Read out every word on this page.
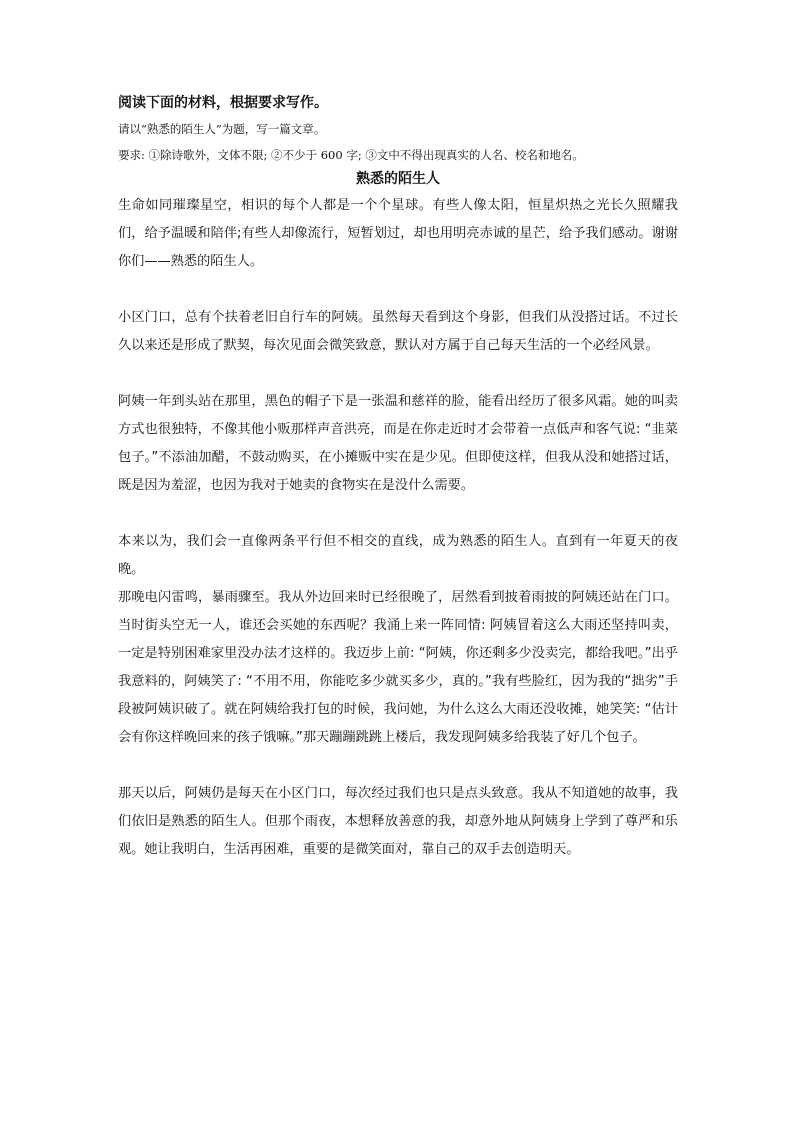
阅读下面的材料，根据要求写作。

请以“熟悉的陌生人”为题，写一篇文章。

要求: ①除诗歌外，文体不限; ②不少于 600 字; ③文中不得出现真实的人名、校名和地名。

熟悉的陌生人

生命如同璀璨星空，相识的每个人都是一个个星球。有些人像太阳，恒星炽热之光长久照耀我们，给予温暖和陪伴;有些人却像流行，短暂划过，却也用明亮赤诚的星芒，给予我们感动。谢谢你们——熟悉的陌生人。

小区门口，总有个扶着老旧自行车的阿姨。虽然每天看到这个身影，但我们从没搭过话。不过长久以来还是形成了默契，每次见面会微笑致意，默认对方属于自己每天生活的一个必经风景。

阿姨一年到头站在那里，黑色的帽子下是一张温和慈祥的脸，能看出经历了很多风霜。她的叫卖方式也很独特，不像其他小贩那样声音洪亮，而是在你走近时才会带着一点低声和客气说: “韭菜包子。”不添油加醋，不鼓动购买，在小摊贩中实在是少见。但即使这样，但我从没和她搭过话，既是因为羞涩，也因为我对于她卖的食物实在是没什么需要。

本来以为，我们会一直像两条平行但不相交的直线，成为熟悉的陌生人。直到有一年夏天的夜晚。

那晚电闪雷鸣，暴雨骤至。我从外边回来时已经很晚了，居然看到披着雨披的阿姨还站在门口。当时街头空无一人，谁还会买她的东西呢？我涌上来一阵同情: 阿姨冒着这么大雨还坚持叫卖，一定是特别困难家里没办法才这样的。我迈步上前: “阿姨，你还剩多少没卖完，都给我吧。”出乎我意料的，阿姨笑了: “不用不用，你能吃多少就买多少，真的。”我有些脸红，因为我的“拙劣”手段被阿姨识破了。就在阿姨给我打包的时候，我问她，为什么这么大雨还没收摊，她笑笑: “估计会有你这样晚回来的孩子饿嘛。”那天蹦蹦跳跳上楼后，我发现阿姨多给我装了好几个包子。

那天以后，阿姨仍是每天在小区门口，每次经过我们也只是点头致意。我从不知道她的故事，我们依旧是熟悉的陌生人。但那个雨夜，本想释放善意的我，却意外地从阿姨身上学到了尊严和乐观。她让我明白，生活再困难，重要的是微笑面对，靠自己的双手去创造明天。
